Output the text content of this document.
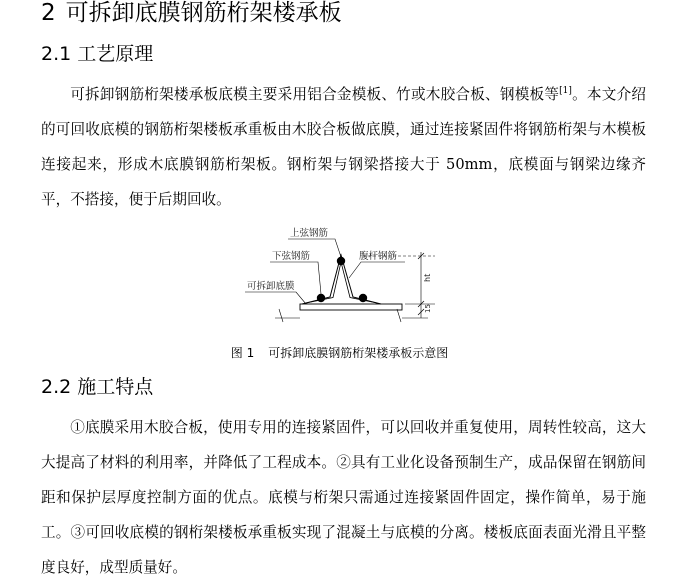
2 可拆卸底膜钢筋桁架楼承板
2.1 工艺原理
可拆卸钢筋桁架楼承板底模主要采用铝合金模板、竹或木胶合板、钢模板等[1]。本文介绍的可回收底模的钢筋桁架楼板承重板由木胶合板做底膜，通过连接紧固件将钢筋桁架与木模板连接起来，形成木底膜钢筋桁架板。钢桁架与钢梁搭接大于 50mm，底模面与钢梁边缘齐平，不搭接，便于后期回收。
上弦钢筋
下弦钢筋	腹杆钢筋
可拆卸底膜
ht
15
图 1 可拆卸底膜钢筋桁架楼承板示意图
2.2 施工特点
①底膜采用木胶合板，使用专用的连接紧固件，可以回收并重复使用，周转性较高，这大大提高了材料的利用率，并降低了工程成本。②具有工业化设备预制生产，成品保留在钢筋间距和保护层厚度控制方面的优点。底模与桁架只需通过连接紧固件固定，操作简单，易于施工。③可回收底模的钢桁架楼板承重板实现了混凝土与底模的分离。楼板底面表面光滑且平整度良好，成型质量好。
